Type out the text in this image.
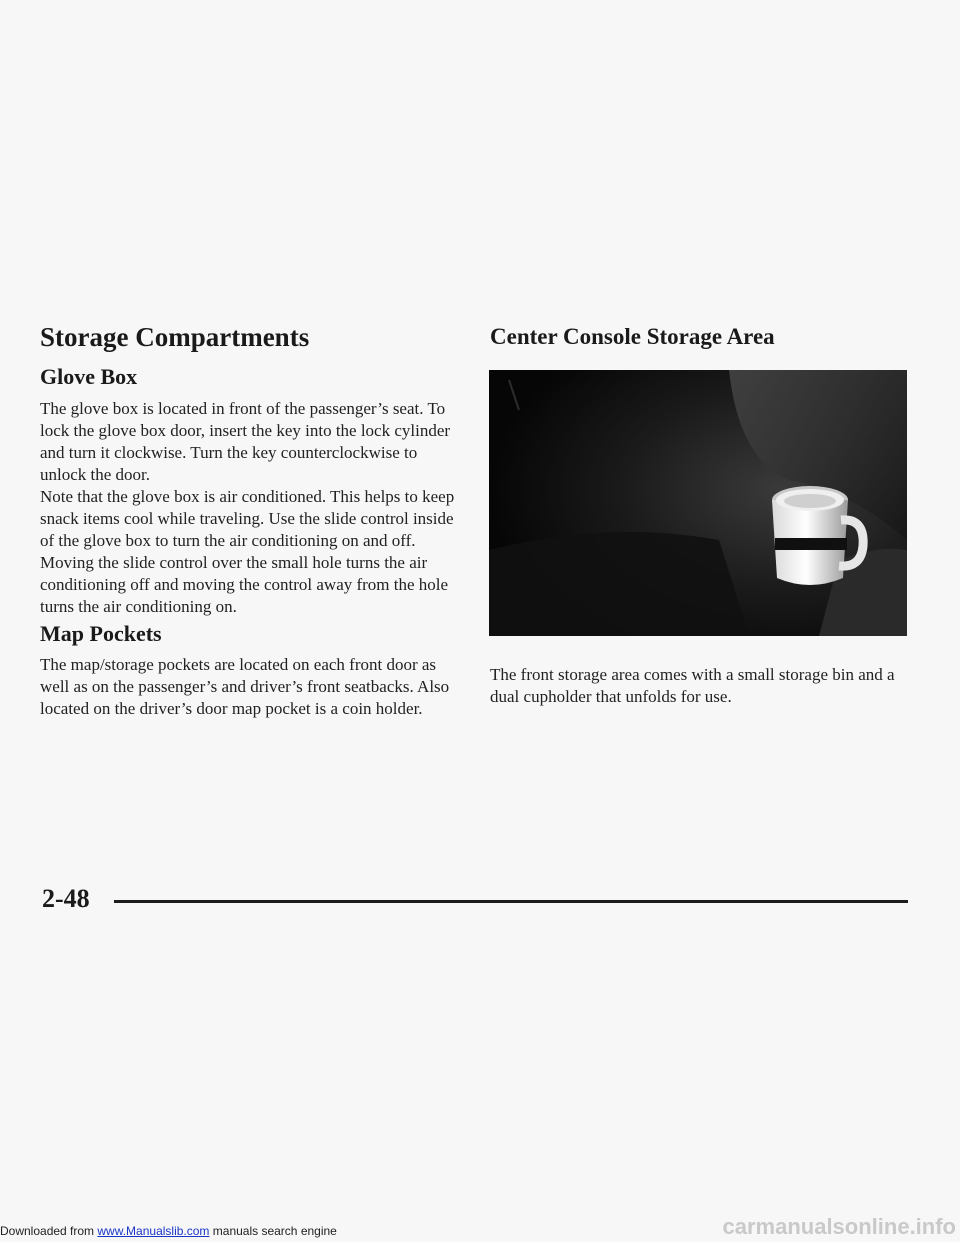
Storage Compartments
Glove Box

The glove box is located in front of the passenger’s seat. To lock the glove box door, insert the key into the lock cylinder and turn it clockwise. Turn the key counterclockwise to unlock the door.

Note that the glove box is air conditioned. This helps to keep snack items cool while traveling. Use the slide control inside of the glove box to turn the air conditioning on and off. Moving the slide control over the small hole turns the air conditioning off and moving the control away from the hole turns the air conditioning on.

Map Pockets

The map/storage pockets are located on each front door as well as on the passenger’s and driver’s front seatbacks. Also located on the driver’s door map pocket is a coin holder.

Center Console Storage Area

The front storage area comes with a small storage bin and a dual cupholder that unfolds for use.

2-48
Downloaded from www.Manualslib.com manuals search engine	carmanualsonline.info
